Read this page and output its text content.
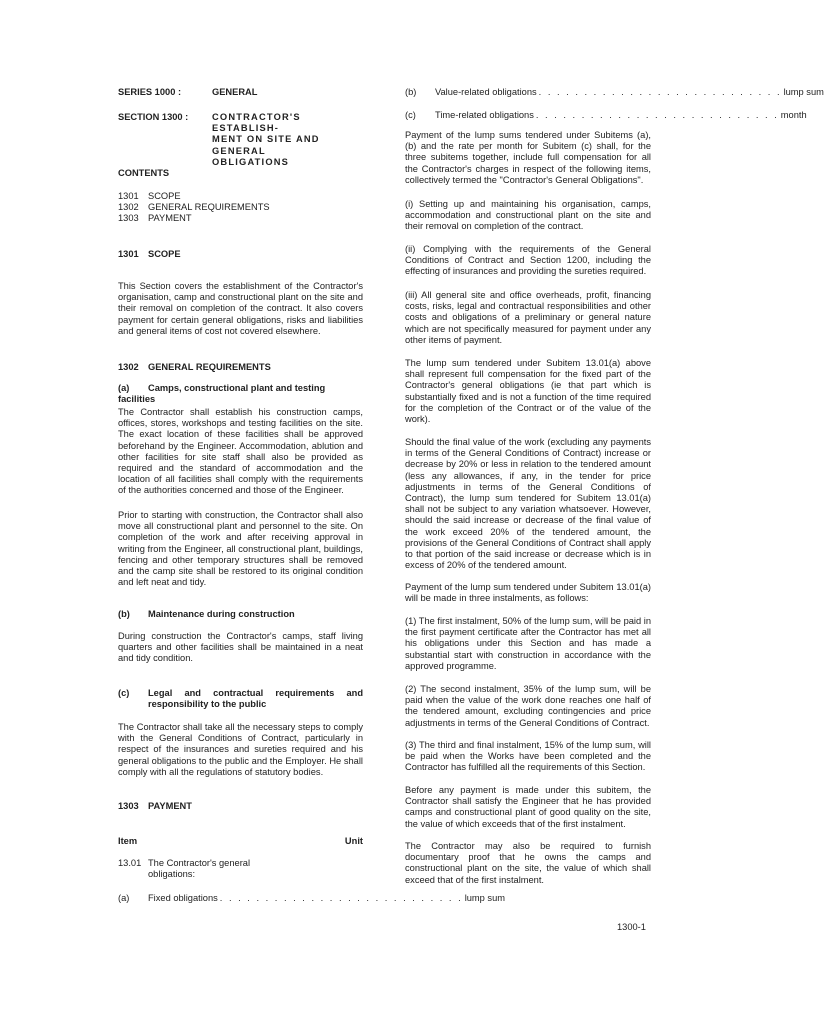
SERIES 1000 :	GENERAL
SECTION 1300 :	CONTRACTOR'S ESTABLISH-
MENT ON SITE AND GENERAL
OBLIGATIONS
CONTENTS
1301 SCOPE
1302 GENERAL REQUIREMENTS
1303 PAYMENT
1301 SCOPE

This Section covers the establishment of the Contractor's organisation, camp and constructional plant on the site and their removal on completion of the contract. It also covers payment for certain general obligations, risks and liabilities and general items of cost not covered elsewhere.

1302 GENERAL REQUIREMENTS
(a) Camps, constructional plant and testing facilities

The Contractor shall establish his construction camps, offices, stores, workshops and testing facilities on the site. The exact location of these facilities shall be approved beforehand by the Engineer. Accommodation, ablution and other facilities for site staff shall also be provided as required and the standard of accommodation and the location of all facilities shall comply with the requirements of the authorities concerned and those of the Engineer.

Prior to starting with construction, the Contractor shall also move all constructional plant and personnel to the site. On completion of the work and after receiving approval in writing from the Engineer, all constructional plant, buildings, fencing and other temporary structures shall be removed and the camp site shall be restored to its original condition and left neat and tidy.

(b) Maintenance during construction

During construction the Contractor's camps, staff living quarters and other facilities shall be maintained in a neat and tidy condition.

(c)	Legal and contractual requirements and responsibility to the public

The Contractor shall take all the necessary steps to comply with the General Conditions of Contract, particularly in respect of the insurances and sureties required and his general obligations to the public and the Employer. He shall comply with all the regulations of statutory bodies.

1303 PAYMENT
Item	Unit
13.01 The Contractor's general
obligations:
(a)	Fixed obligations . . . . . . . . . . . . . . . . . . . . . . . . . . . lump sum
(b)	Value-related obligations . . . . . . . . . . . . . . . . . . . . . . . . . . . lump sum
(c)	Time-related obligations . . . . . . . . . . . . . . . . . . . . . . . . . . . month

Payment of the lump sums tendered under Subitems (a), (b) and the rate per month for Subitem (c) shall, for the three subitems together, include full compensation for all the Contractor's charges in respect of the following items, collectively termed the "Contractor's General Obligations".

(i) Setting up and maintaining his organisation, camps, accommodation and constructional plant on the site and their removal on completion of the contract.

(ii) Complying with the requirements of the General Conditions of Contract and Section 1200, including the effecting of insurances and providing the sureties required.

(iii) All general site and office overheads, profit, financing costs, risks, legal and contractual responsibilities and other costs and obligations of a preliminary or general nature which are not specifically measured for payment under any other items of payment.

The lump sum tendered under Subitem 13.01(a) above shall represent full compensation for the fixed part of the Contractor's general obligations (ie that part which is substantially fixed and is not a function of the time required for the completion of the Contract or of the value of the work).

Should the final value of the work (excluding any payments in terms of the General Conditions of Contract) increase or decrease by 20% or less in relation to the tendered amount (less any allowances, if any, in the tender for price adjustments in terms of the General Conditions of Contract), the lump sum tendered for Subitem 13.01(a) shall not be subject to any variation whatsoever. However, should the said increase or decrease of the final value of the work exceed 20% of the tendered amount, the provisions of the General Conditions of Contract shall apply to that portion of the said increase or decrease which is in excess of 20% of the tendered amount.

Payment of the lump sum tendered under Subitem 13.01(a) will be made in three instalments, as follows:

(1) The first instalment, 50% of the lump sum, will be paid in the first payment certificate after the Contractor has met all his obligations under this Section and has made a substantial start with construction in accordance with the approved programme.

(2) The second instalment, 35% of the lump sum, will be paid when the value of the work done reaches one half of the tendered amount, excluding contingencies and price adjustments in terms of the General Conditions of Contract.

(3) The third and final instalment, 15% of the lump sum, will be paid when the Works have been completed and the Contractor has fulfilled all the requirements of this Section.

Before any payment is made under this subitem, the Contractor shall satisfy the Engineer that he has provided camps and constructional plant of good quality on the site, the value of which exceeds that of the first instalment.

The Contractor may also be required to furnish documentary proof that he owns the camps and constructional plant on the site, the value of which shall exceed that of the first instalment.

1300-1
